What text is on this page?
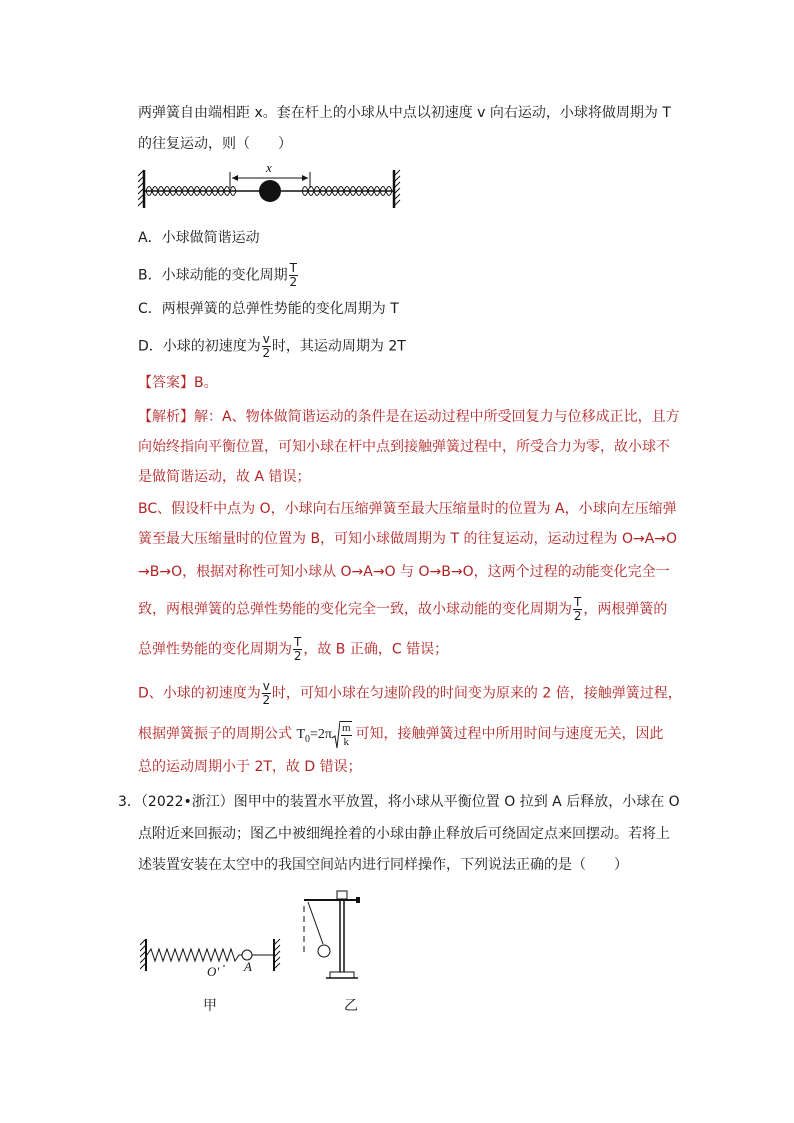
两弹簧自由端相距 x。套在杆上的小球从中点以初速度 v 向右运动，小球将做周期为 T
的往复运动，则（　　）
x
A．小球做简谐运动
B．小球动能的变化周期 $\frac{T}{2}$
C．两根弹簧的总弹性势能的变化周期为 T
D．小球的初速度为 $\frac{v}{2}$ 时，其运动周期为 2T
【答案】B。
【解析】解：A、物体做简谐运动的条件是在运动过程中所受回复力与位移成正比，且方
向始终指向平衡位置，可知小球在杆中点到接触弹簧过程中，所受合力为零，故小球不
是做简谐运动，故 A 错误；
BC、假设杆中点为 O，小球向右压缩弹簧至最大压缩量时的位置为 A，小球向左压缩弹
簧至最大压缩量时的位置为 B，可知小球做周期为 T 的往复运动，运动过程为 O→A→O
→B→O，根据对称性可知小球从 O→A→O 与 O→B→O，这两个过程的动能变化完全一
致，两根弹簧的总弹性势能的变化完全一致，故小球动能的变化周期为 $\frac{T}{2}$ ，两根弹簧的
总弹性势能的变化周期为 $\frac{T}{2}$ ，故 B 正确，C 错误；
D、小球的初速度为 $\frac{v}{2}$ 时，可知小球在匀速阶段的时间变为原来的 2 倍，接触弹簧过程，
根据弹簧振子的周期公式 $T_0=2\pi \frac{m}{k}$ 可知，接触弹簧过程中所用时间与速度无关，因此
总的运动周期小于 2T，故 D 错误；
3．（2022•浙江）图甲中的装置水平放置，将小球从平衡位置 O 拉到 A 后释放，小球在 O
点附近来回振动；图乙中被细绳拴着的小球由静止释放后可绕固定点来回摆动。若将上
述装置安装在太空中的我国空间站内进行同样操作，下列说法正确的是（　　）
O' A
甲	乙
